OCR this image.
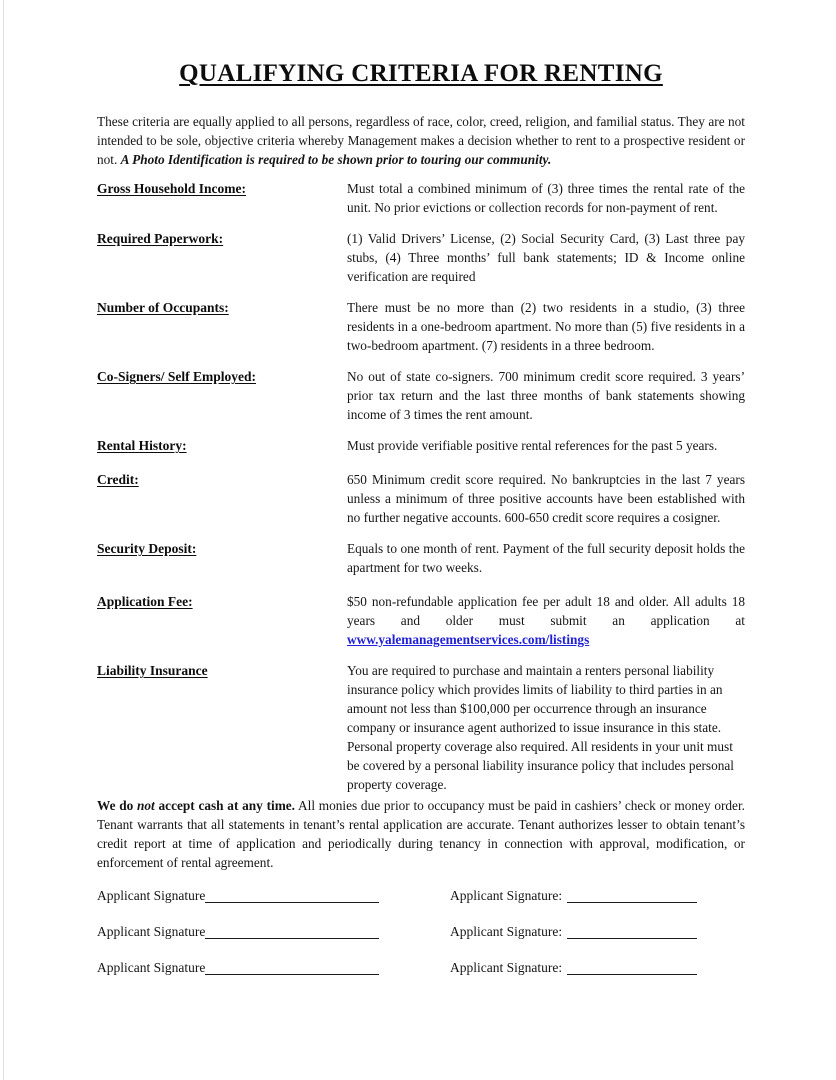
QUALIFYING CRITERIA FOR RENTING

These criteria are equally applied to all persons, regardless of race, color, creed, religion, and familial status. They are not intended to be sole, objective criteria whereby Management makes a decision whether to rent to a prospective resident or not. A Photo Identification is required to be shown prior to touring our community.

Gross Household Income:	Must total a combined minimum of (3) three times the rental rate of the unit. No prior evictions or collection records for non-payment of rent.
Required Paperwork:	(1) Valid Drivers’ License, (2) Social Security Card, (3) Last three pay stubs, (4) Three months’ full bank statements; ID & Income online verification are required
Number of Occupants:	There must be no more than (2) two residents in a studio, (3) three residents in a one-bedroom apartment. No more than (5) five residents in a two-bedroom apartment. (7) residents in a three bedroom.
Co-Signers/ Self Employed:	No out of state co-signers. 700 minimum credit score required. 3 years’ prior tax return and the last three months of bank statements showing income of 3 times the rent amount.
Rental History:	Must provide verifiable positive rental references for the past 5 years.
Credit:	650 Minimum credit score required. No bankruptcies in the last 7 years unless a minimum of three positive accounts have been established with no further negative accounts. 600-650 credit score requires a cosigner.
Security Deposit:	Equals to one month of rent. Payment of the full security deposit holds the apartment for two weeks.
Application Fee:	$50 non-refundable application fee per adult 18 and older. All adults 18 years and older must submit an application at www.yalemanagementservices.com/listings
Liability Insurance	You are required to purchase and maintain a renters personal liability insurance policy which provides limits of liability to third parties in an amount not less than $100,000 per occurrence through an insurance company or insurance agent authorized to issue insurance in this state. Personal property coverage also required. All residents in your unit must be covered by a personal liability insurance policy that includes personal property coverage.

We do not accept cash at any time. All monies due prior to occupancy must be paid in cashiers’ check or money order. Tenant warrants that all statements in tenant’s rental application are accurate. Tenant authorizes lesser to obtain tenant’s credit report at time of application and periodically during tenancy in connection with approval, modification, or enforcement of rental agreement.

Applicant Signature	Applicant Signature:
Applicant Signature	Applicant Signature:
Applicant Signature	Applicant Signature:
